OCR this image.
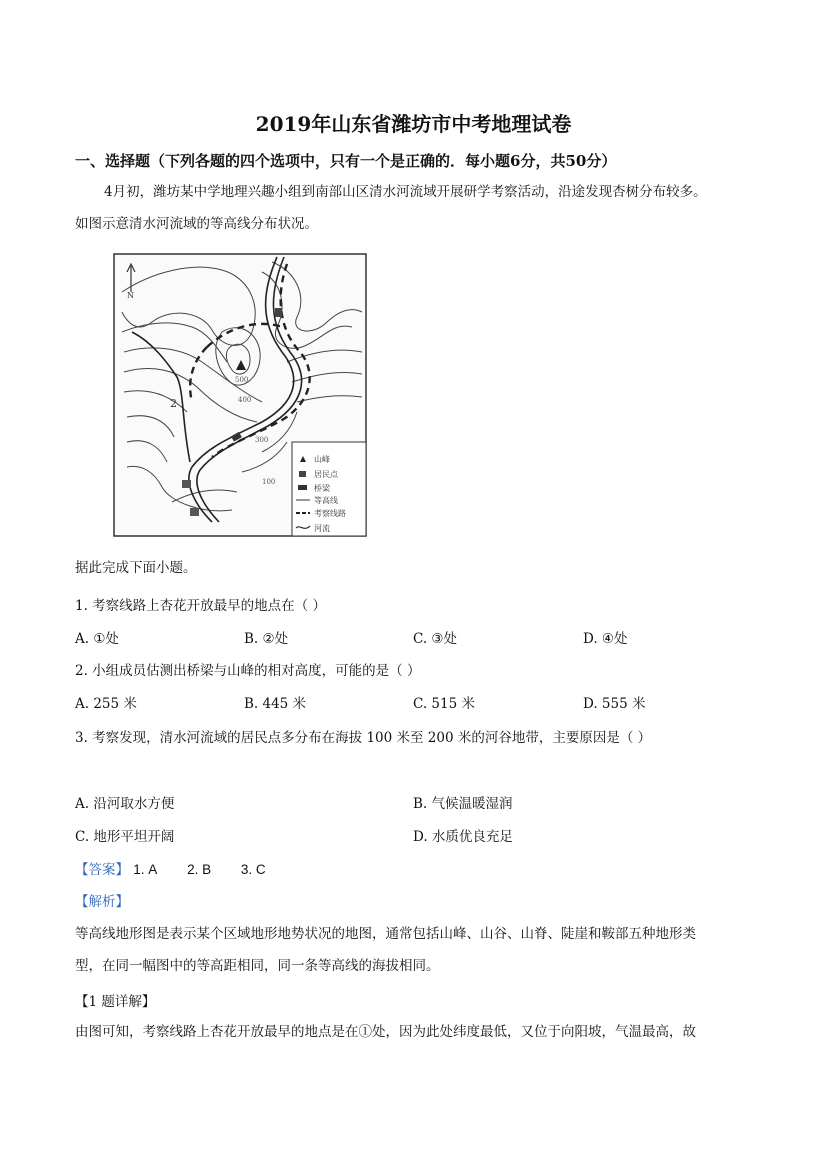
2019年山东省潍坊市中考地理试卷
一、选择题（下列各题的四个选项中，只有一个是正确的．每小题6分，共50分）
4月初，潍坊某中学地理兴趣小组到南部山区清水河流域开展研学考察活动，沿途发现杏树分布较多。
如图示意清水河流域的等高线分布状况。
N
500
400
2
300
100
山峰
居民点
桥梁
等高线
考察线路
河流
据此完成下面小题。
1. 考察线路上杏花开放最早的地点在（ ）
A. ①处	B. ②处	C. ③处	D. ④处
2. 小组成员估测出桥梁与山峰的相对高度，可能的是（ ）
A. 255 米	B. 445 米	C. 515 米	D. 555 米
3. 考察发现，清水河流域的居民点多分布在海拔 100 米至 200 米的河谷地带，主要原因是（ ）
A. 沿河取水方便	B. 气候温暖湿润
C. 地形平坦开阔	D. 水质优良充足
【答案】 1. A 2. B 3. C
【解析】
等高线地形图是表示某个区域地形地势状况的地图，通常包括山峰、山谷、山脊、陡崖和鞍部五种地形类
型，在同一幅图中的等高距相同，同一条等高线的海拔相同。
【1 题详解】
由图可知，考察线路上杏花开放最早的地点是在①处，因为此处纬度最低，又位于向阳坡，气温最高，故
